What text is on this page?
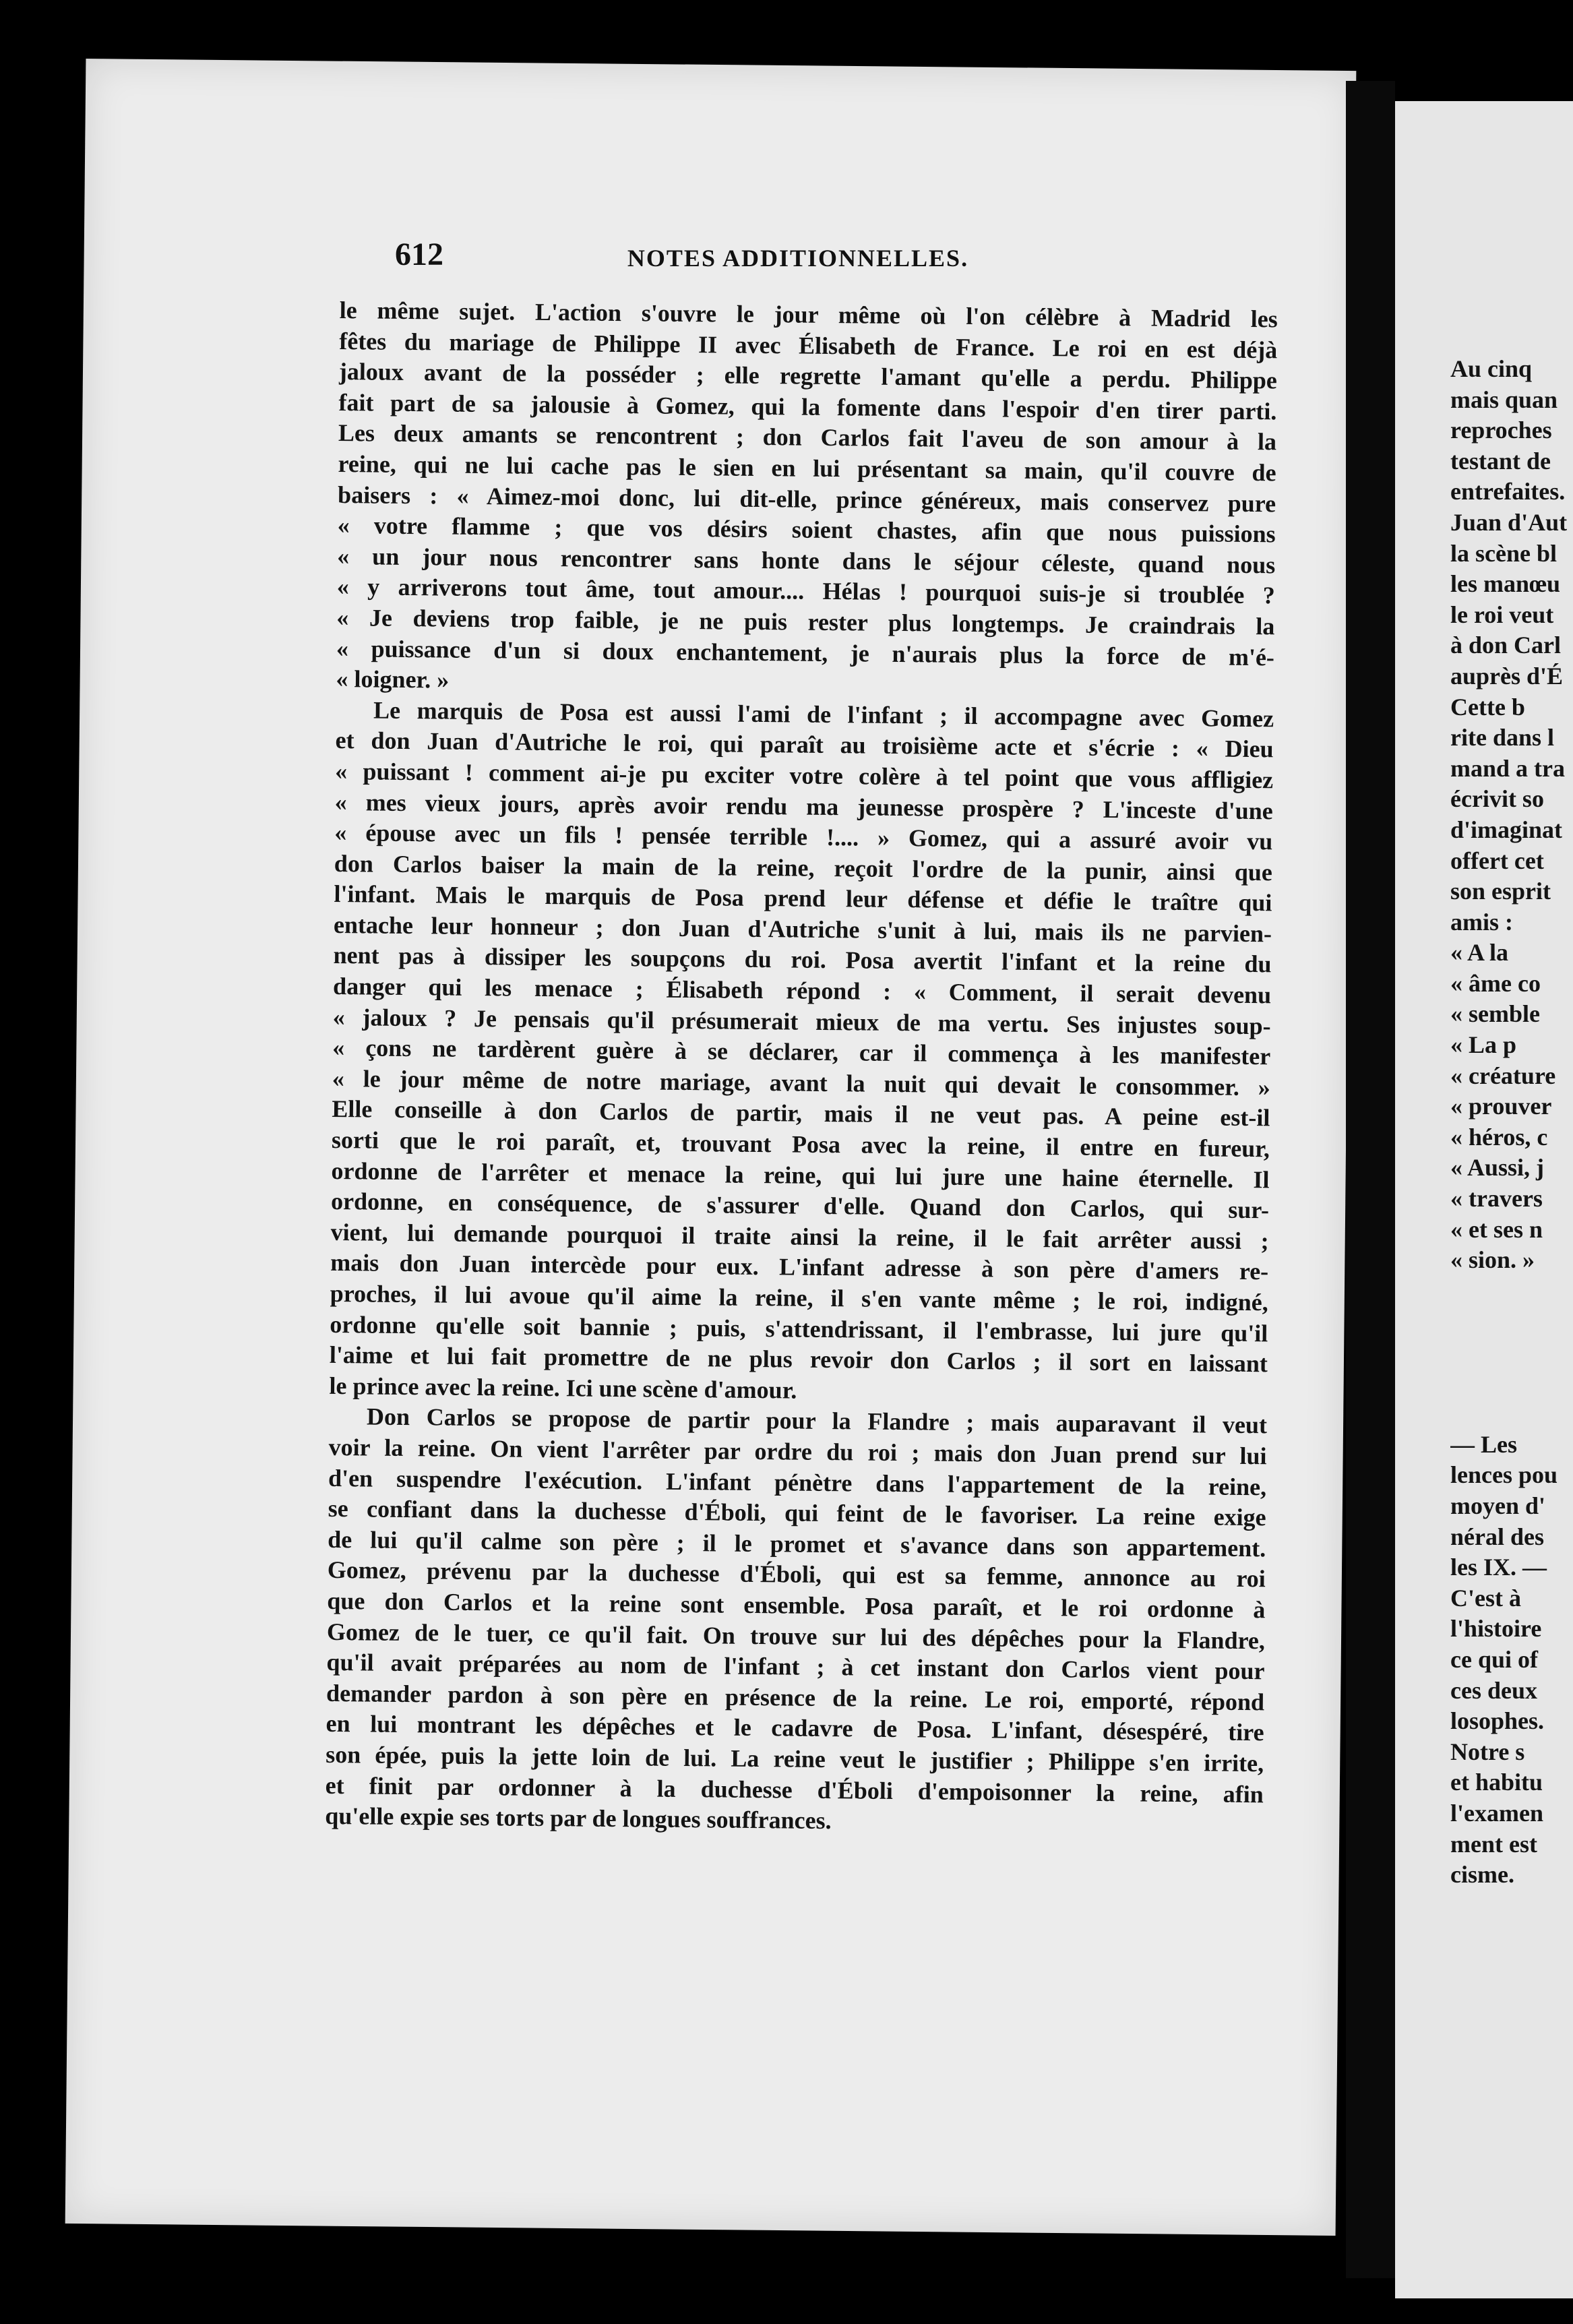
612	NOTES ADDITIONNELLES.
le même sujet. L'action s'ouvre le jour même où l'on célèbre à Madrid les
fêtes du mariage de Philippe II avec Élisabeth de France. Le roi en est déjà
jaloux avant de la posséder ; elle regrette l'amant qu'elle a perdu. Philippe
fait part de sa jalousie à Gomez, qui la fomente dans l'espoir d'en tirer parti.
Les deux amants se rencontrent ; don Carlos fait l'aveu de son amour à la
reine, qui ne lui cache pas le sien en lui présentant sa main, qu'il couvre de
baisers : « Aimez-moi donc, lui dit-elle, prince généreux, mais conservez pure
« votre flamme ; que vos désirs soient chastes, afin que nous puissions
« un jour nous rencontrer sans honte dans le séjour céleste, quand nous
« y arriverons tout âme, tout amour.... Hélas ! pourquoi suis-je si troublée ?
« Je deviens trop faible, je ne puis rester plus longtemps. Je craindrais la
« puissance d'un si doux enchantement, je n'aurais plus la force de m'é-
« loigner. »
Le marquis de Posa est aussi l'ami de l'infant ; il accompagne avec Gomez
et don Juan d'Autriche le roi, qui paraît au troisième acte et s'écrie : « Dieu
« puissant ! comment ai-je pu exciter votre colère à tel point que vous affligiez
« mes vieux jours, après avoir rendu ma jeunesse prospère ? L'inceste d'une
« épouse avec un fils ! pensée terrible !.... » Gomez, qui a assuré avoir vu
don Carlos baiser la main de la reine, reçoit l'ordre de la punir, ainsi que
l'infant. Mais le marquis de Posa prend leur défense et défie le traître qui
entache leur honneur ; don Juan d'Autriche s'unit à lui, mais ils ne parvien-
nent pas à dissiper les soupçons du roi. Posa avertit l'infant et la reine du
danger qui les menace ; Élisabeth répond : « Comment, il serait devenu
« jaloux ? Je pensais qu'il présumerait mieux de ma vertu. Ses injustes soup-
« çons ne tardèrent guère à se déclarer, car il commença à les manifester
« le jour même de notre mariage, avant la nuit qui devait le consommer. »
Elle conseille à don Carlos de partir, mais il ne veut pas. A peine est-il
sorti que le roi paraît, et, trouvant Posa avec la reine, il entre en fureur,
ordonne de l'arrêter et menace la reine, qui lui jure une haine éternelle. Il
ordonne, en conséquence, de s'assurer d'elle. Quand don Carlos, qui sur-
vient, lui demande pourquoi il traite ainsi la reine, il le fait arrêter aussi ;
mais don Juan intercède pour eux. L'infant adresse à son père d'amers re-
proches, il lui avoue qu'il aime la reine, il s'en vante même ; le roi, indigné,
ordonne qu'elle soit bannie ; puis, s'attendrissant, il l'embrasse, lui jure qu'il
l'aime et lui fait promettre de ne plus revoir don Carlos ; il sort en laissant
le prince avec la reine. Ici une scène d'amour.
Don Carlos se propose de partir pour la Flandre ; mais auparavant il veut
voir la reine. On vient l'arrêter par ordre du roi ; mais don Juan prend sur lui
d'en suspendre l'exécution. L'infant pénètre dans l'appartement de la reine,
se confiant dans la duchesse d'Éboli, qui feint de le favoriser. La reine exige
de lui qu'il calme son père ; il le promet et s'avance dans son appartement.
Gomez, prévenu par la duchesse d'Éboli, qui est sa femme, annonce au roi
que don Carlos et la reine sont ensemble. Posa paraît, et le roi ordonne à
Gomez de le tuer, ce qu'il fait. On trouve sur lui des dépêches pour la Flandre,
qu'il avait préparées au nom de l'infant ; à cet instant don Carlos vient pour
demander pardon à son père en présence de la reine. Le roi, emporté, répond
en lui montrant les dépêches et le cadavre de Posa. L'infant, désespéré, tire
son épée, puis la jette loin de lui. La reine veut le justifier ; Philippe s'en irrite,
et finit par ordonner à la duchesse d'Éboli d'empoisonner la reine, afin
qu'elle expie ses torts par de longues souffrances.
Au cinq
mais quan
reproches
testant de
entrefaites.
Juan d'Aut
la scène bl
les manœu
le roi veut
à don Carl
auprès d'É
Cette b
rite dans l
mand a tra
écrivit so
d'imaginat
offert cet
son esprit
amis :
« A la
« âme co
« semble
« La p
« créature
« prouver
« héros, c
« Aussi, j
« travers
« et ses n
« sion. »
— Les
lences pou
moyen d'
néral des
les IX. —
C'est à
l'histoire
ce qui of
ces deux
losophes.
Notre s
et habitu
l'examen
ment est
cisme.
